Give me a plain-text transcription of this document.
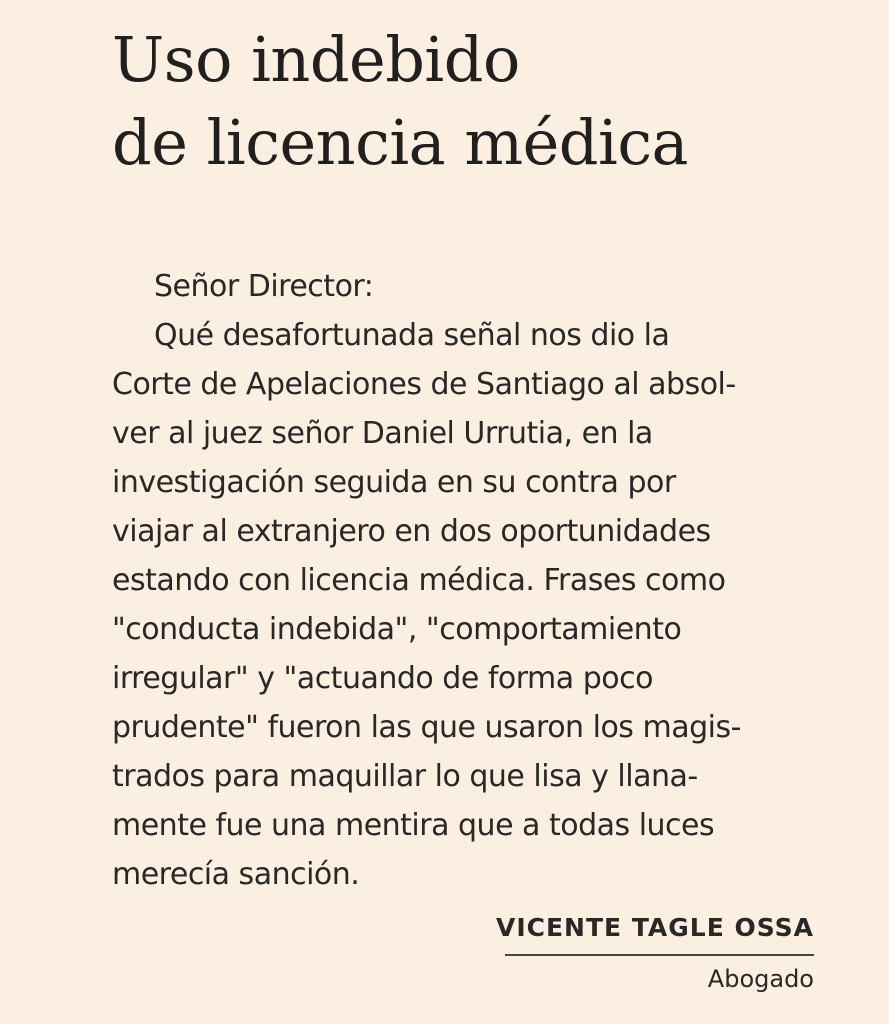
Uso indebido
de licencia médica
Señor Director:
Qué desafortunada señal nos dio la
Corte de Apelaciones de Santiago al absol-
ver al juez señor Daniel Urrutia, en la
investigación seguida en su contra por
viajar al extranjero en dos oportunidades
estando con licencia médica. Frases como
"conducta indebida", "comportamiento
irregular" y "actuando de forma poco
prudente" fueron las que usaron los magis-
trados para maquillar lo que lisa y llana-
mente fue una mentira que a todas luces
merecía sanción.
VICENTE TAGLE OSSA
Abogado
